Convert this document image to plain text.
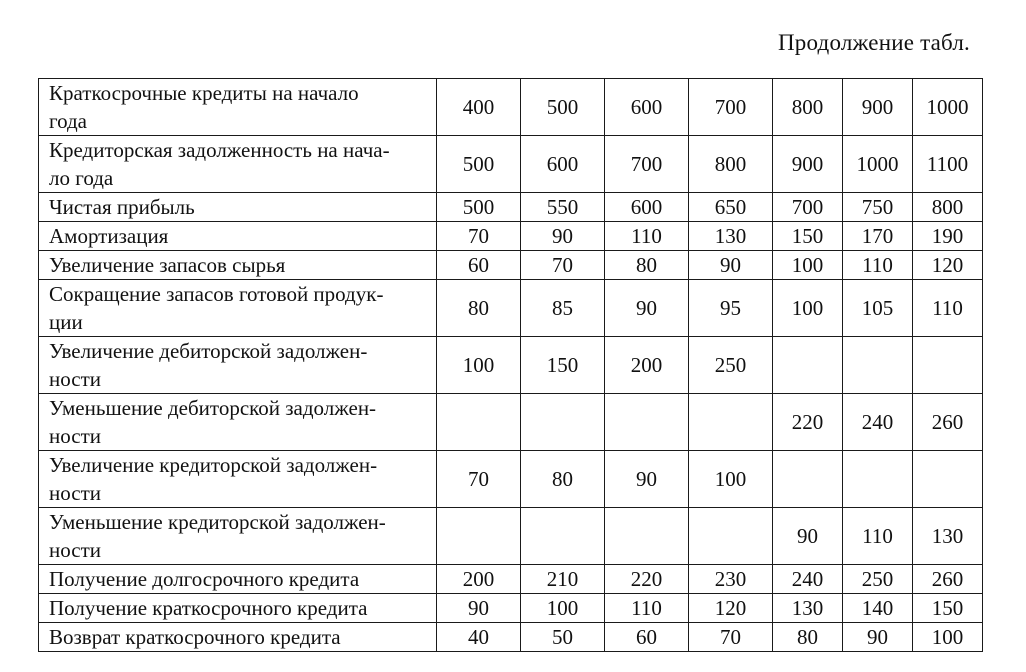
Продолжение табл.
Краткосрочные кредиты на начало
года	400	500	600	700	800	900	1000

Кредиторская задолженность на нача-
ло года	500	600	700	800	900	1000	1100

Чистая прибыль	500	550	600	650	700	750	800

Амортизация	70	90	110	130	150	170	190

Увеличение запасов сырья	60	70	80	90	100	110	120

Сокращение запасов готовой продук-
ции	80	85	90	95	100	105	110

Увеличение дебиторской задолжен-
ности	100	150	200	250			

Уменьшение дебиторской задолжен-
ности					220	240	260

Увеличение кредиторской задолжен-
ности	70	80	90	100			

Уменьшение кредиторской задолжен-
ности					90	110	130

Получение долгосрочного кредита	200	210	220	230	240	250	260

Получение краткосрочного кредита	90	100	110	120	130	140	150

Возврат краткосрочного кредита	40	50	60	70	80	90	100
